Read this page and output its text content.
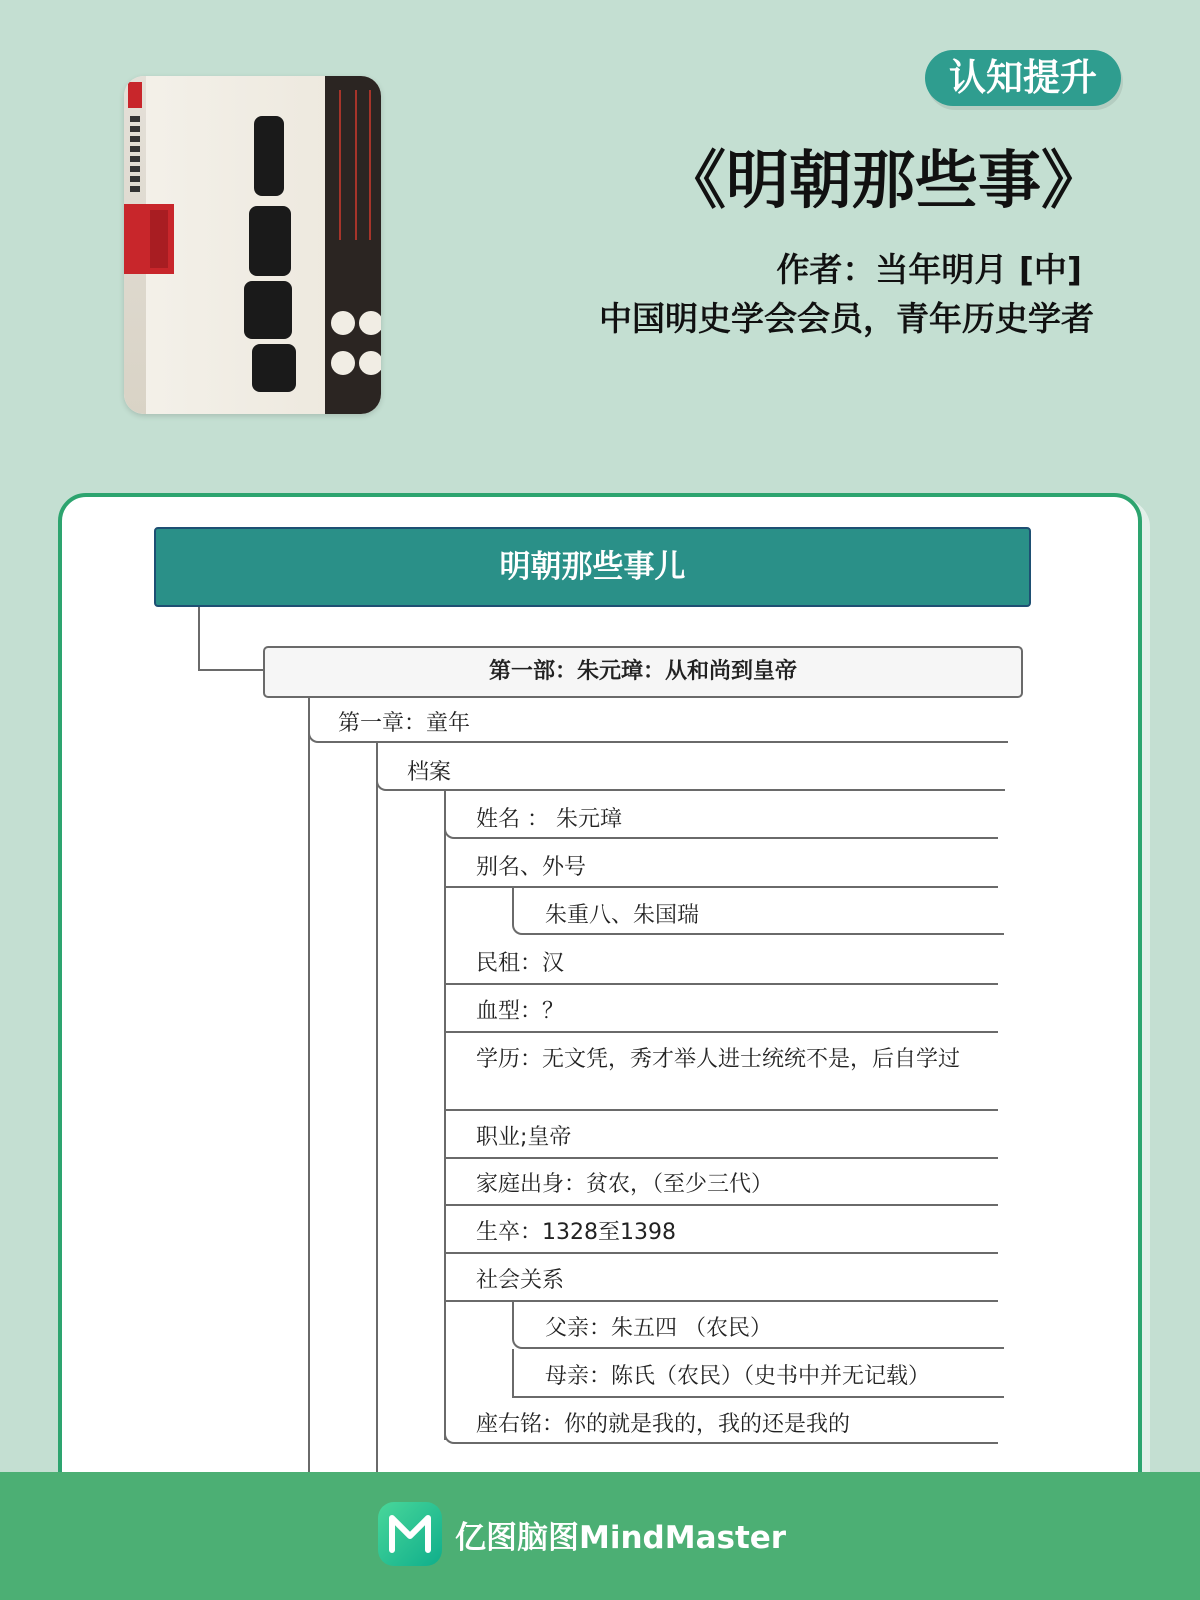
认知提升
《明朝那些事》
作者：当年明月 [中]
中国明史学会会员，青年历史学者
明朝那些事儿
第一部：朱元璋：从和尚到皇帝
第一章：童年
档案
姓名 ： 朱元璋
别名、外号
朱重八、朱国瑞
民租：汉
血型：？
学历：无文凭，秀才举人进士统统不是，后自学过
职业;皇帝
家庭出身：贫农，（至少三代）
生卒：1328至1398
社会关系
父亲：朱五四 （农民）
母亲：陈氏（农民）（史书中并无记载）
座右铭：你的就是我的，我的还是我的
亿图脑图MindMaster
